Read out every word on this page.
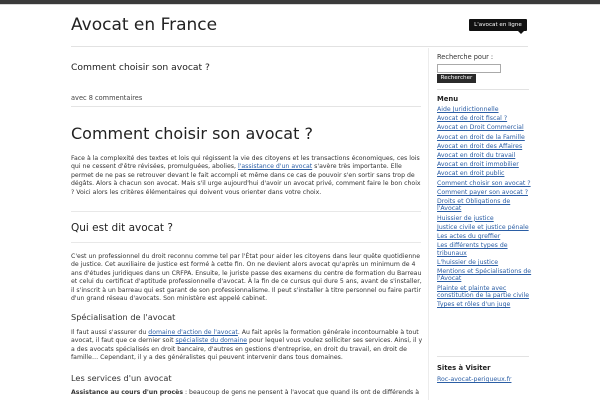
Avocat en France	L'avocat en ligne
Comment choisir son avocat ?
avec 8 commentaires
Comment choisir son avocat ?

Face à la complexité des textes et lois qui régissent la vie des citoyens et les transactions économiques, ces lois qui ne cessent d'être révisées, promulguées, abolies, l'assistance d'un avocat s'avère très importante. Elle permet de ne pas se retrouver devant le fait accompli et même dans ce cas de pouvoir s'en sortir sans trop de dégâts. Alors à chacun son avocat. Mais s'il urge aujourd'hui d'avoir un avocat privé, comment faire le bon choix ? Voici alors les critères élémentaires qui doivent vous orienter dans votre choix.

Qui est dit avocat ?

C'est un professionnel du droit reconnu comme tel par l'État pour aider les citoyens dans leur quête quotidienne de justice. Cet auxiliaire de justice est formé à cette fin. On ne devient alors avocat qu'après un minimum de 4 ans d'études juridiques dans un CRFPA. Ensuite, le juriste passe des examens du centre de formation du Barreau et celui du certificat d'aptitude professionnelle d'avocat. À la fin de ce cursus qui dure 5 ans, avant de s'installer, il s'inscrit à un barreau qui est garant de son professionnalisme. Il peut s'installer à titre personnel ou faire partir d'un grand réseau d'avocats. Son ministère est appelé cabinet.

Spécialisation de l'avocat

Il faut aussi s'assurer du domaine d'action de l'avocat. Au fait après la formation générale incontournable à tout avocat, il faut que ce dernier soit spécialiste du domaine pour lequel vous voulez solliciter ses services. Ainsi, il y a des avocats spécialisés en droit bancaire, d'autres en gestions d'entreprise, en droit du travail, en droit de famille… Cependant, il y a des généralistes qui peuvent intervenir dans tous domaines.

Les services d'un avocat

Assistance au cours d'un procès : beaucoup de gens ne pensent à l'avocat que quand ils ont de différends à

Recherche pour :
Rechercher
Menu
Aide Juridictionnelle
Avocat de droit fiscal ?
Avocat en Droit Commercial
Avocat en droit de la Famille
Avocat en droit des Affaires
Avocat en droit du travail
Avocat en droit immobilier
Avocat en droit public
Comment choisir son avocat ?
Comment payer son avocat ?
Droits et Obligations de l'Avocat
Huissier de justice
Justice civile et justice pénale
Les actes du greffier
Les différents types de tribunaux
L'huissier de justice
Mentions et Spécialisations de l'Avocat
Plainte et plainte avec constitution de la partie civile
Types et rôles d'un juge
Sites à Visiter
Roc-avocat-perigueux.fr
